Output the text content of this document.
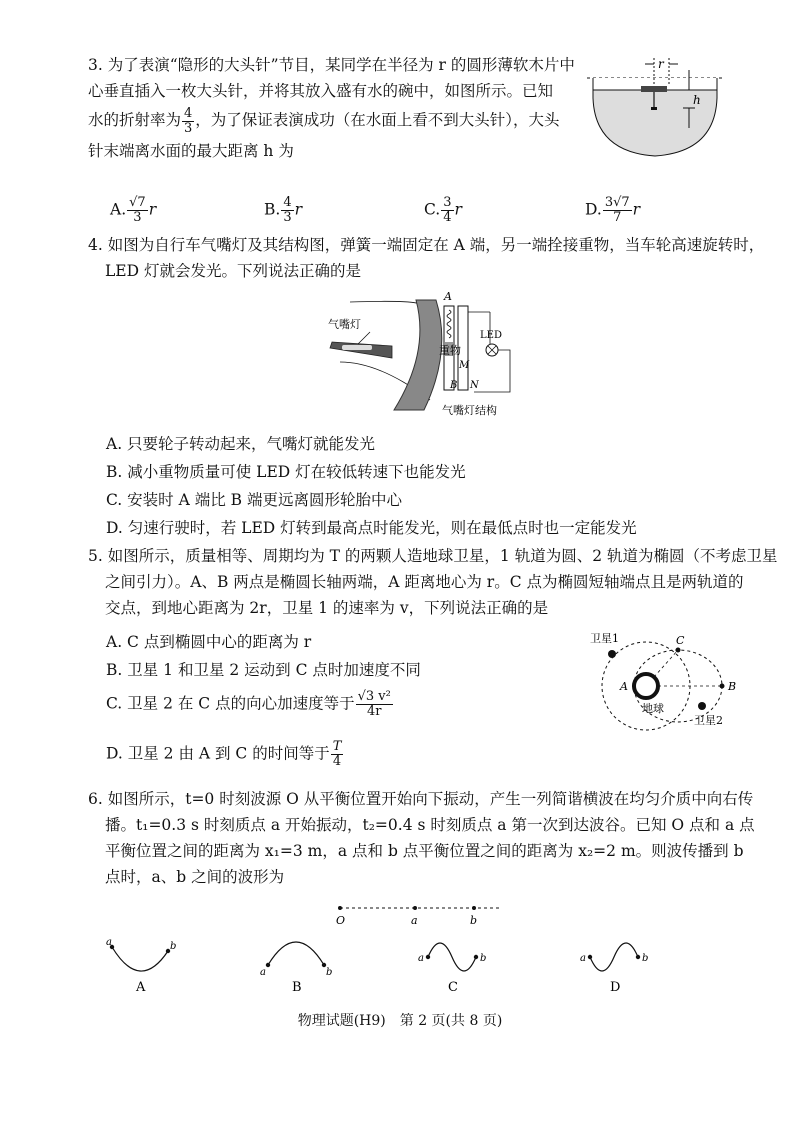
3. 为了表演“隐形的大头针”节目，某同学在半径为 r 的圆形薄软木片中
心垂直插入一枚大头针，并将其放入盛有水的碗中，如图所示。已知
水的折射率为 $\frac{4}{3}$ ，为了保证表演成功（在水面上看不到大头针），大头
针末端离水面的最大距离 h 为
r
h
A. $\frac{√7}{3}$ r	B. $\frac{4}{3}$ r	C. $\frac{3}{4}$ r	D. $\frac{3√7}{7}$ r
4. 如图为自行车气嘴灯及其结构图，弹簧一端固定在 A 端，另一端拴接重物，当车轮高速旋转时，
LED 灯就会发光。下列说法正确的是
气嘴灯
A
重物
M
B N
LED
气嘴灯结构
A. 只要轮子转动起来，气嘴灯就能发光
B. 减小重物质量可使 LED 灯在较低转速下也能发光
C. 安装时 A 端比 B 端更远离圆形轮胎中心
D. 匀速行驶时，若 LED 灯转到最高点时能发光，则在最低点时也一定能发光
5. 如图所示，质量相等、周期均为 T 的两颗人造地球卫星，1 轨道为圆、2 轨道为椭圆（不考虑卫星
之间引力）。A、B 两点是椭圆长轴两端，A 距离地心为 r。C 点为椭圆短轴端点且是两轨道的
交点，到地心距离为 2r，卫星 1 的速率为 v，下列说法正确的是
A. C 点到椭圆中心的距离为 r
B. 卫星 1 和卫星 2 运动到 C 点时加速度不同
C. 卫星 2 在 C 点的向心加速度等于 $\frac{\text{√3 v²}}{4r}$
D. 卫星 2 由 A 到 C 的时间等于 $\frac{T}{4}$
卫星1	C
A	B
地球
卫星2
6. 如图所示，t=0 时刻波源 O 从平衡位置开始向下振动，产生一列简谐横波在均匀介质中向右传
播。t₁=0.3 s 时刻质点 a 开始振动，t₂=0.4 s 时刻质点 a 第一次到达波谷。已知 O 点和 a 点
平衡位置之间的距离为 x₁=3 m，a 点和 b 点平衡位置之间的距离为 x₂=2 m。则波传播到 b
点时，a、b 之间的波形为
O	a	b
a	b
A
a	b
B
a	b
C
a	b
D
物理试题(H9)　第 2 页(共 8 页)
